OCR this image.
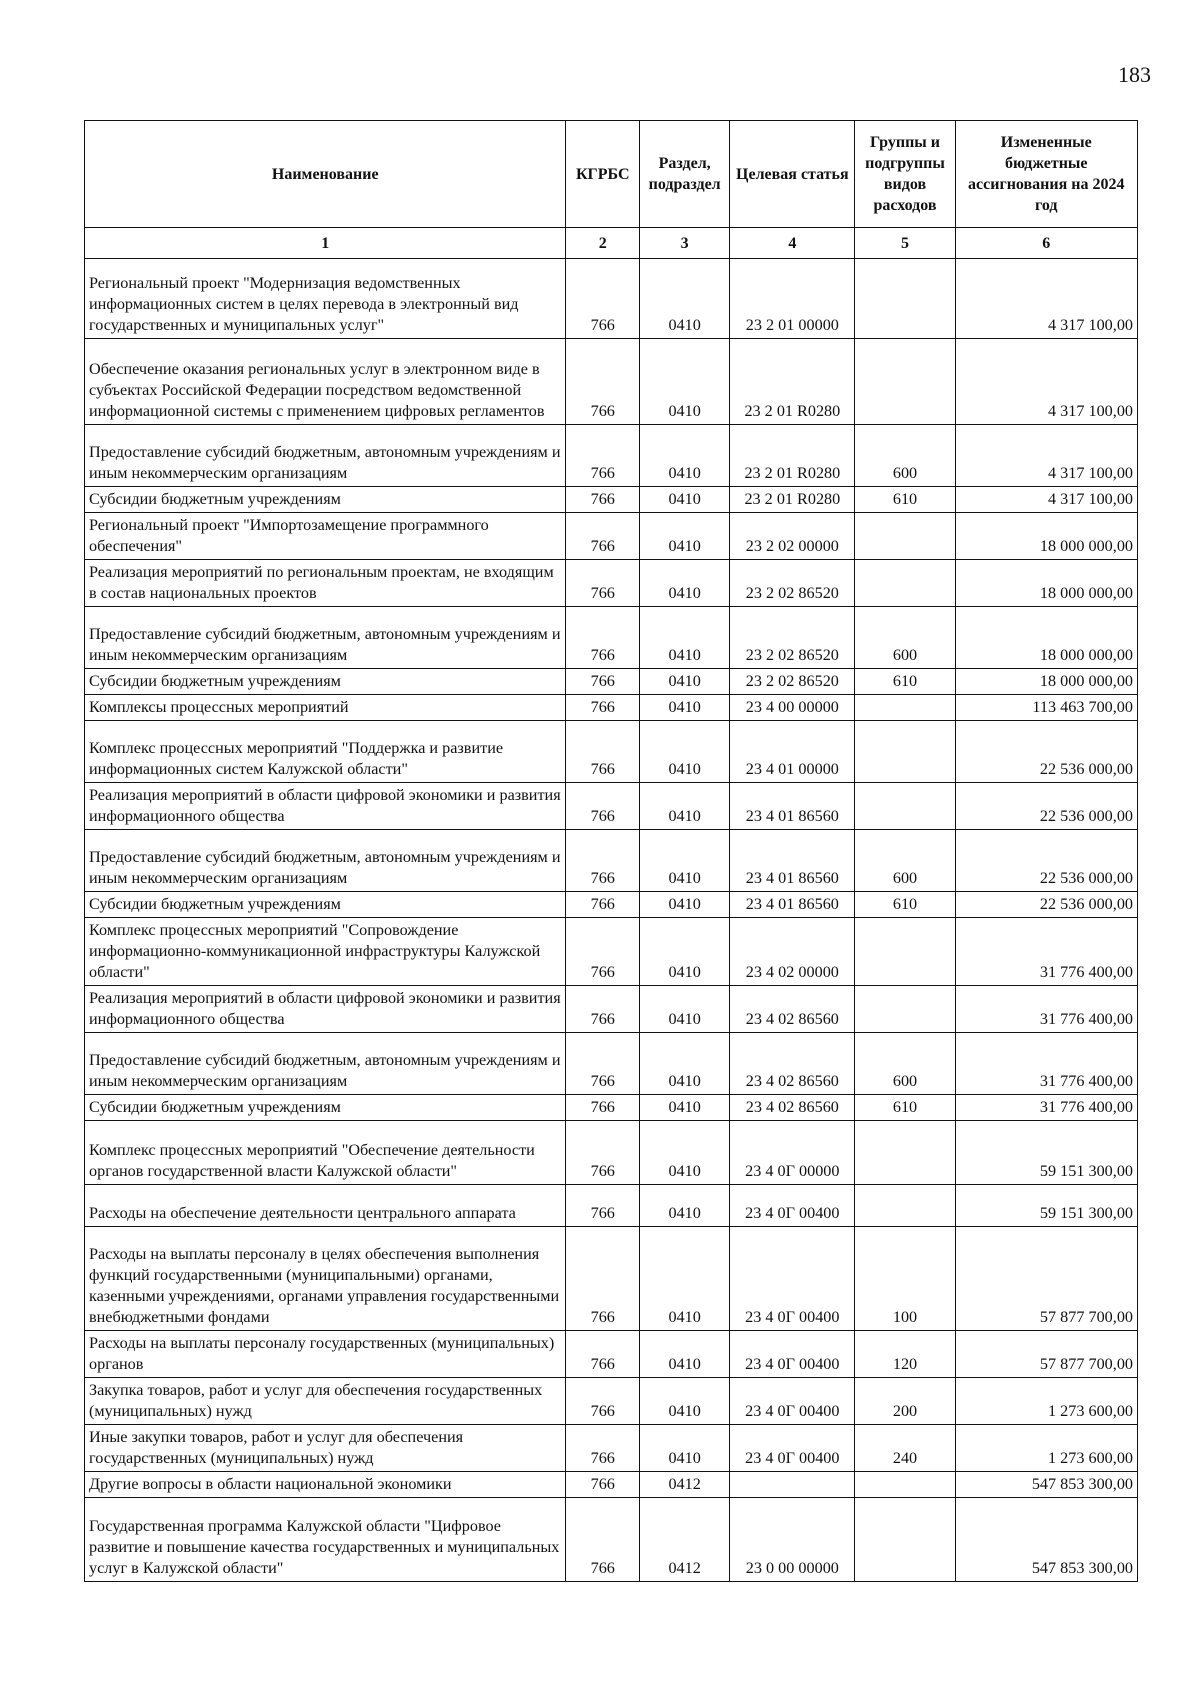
183
Наименование	КГРБС	Раздел, подраздел	Целевая статья	Группы и подгруппы видов расходов	Измененные бюджетные ассигнования на 2024 год
1	2	3	4	5	6
Региональный проект "Модернизация ведомственных информационных систем в целях перевода в электронный вид государственных и муниципальных услуг"	766	0410	23 2 01 00000		4 317 100,00
Обеспечение оказания региональных услуг в электронном виде в субъектах Российской Федерации посредством ведомственной информационной системы с применением цифровых регламентов	766	0410	23 2 01 R0280		4 317 100,00
Предоставление субсидий бюджетным, автономным учреждениям и иным некоммерческим организациям	766	0410	23 2 01 R0280	600	4 317 100,00
Субсидии бюджетным учреждениям	766	0410	23 2 01 R0280	610	4 317 100,00
Региональный проект "Импортозамещение программного обеспечения"	766	0410	23 2 02 00000		18 000 000,00
Реализация мероприятий по региональным проектам, не входящим в состав национальных проектов	766	0410	23 2 02 86520		18 000 000,00
Предоставление субсидий бюджетным, автономным учреждениям и иным некоммерческим организациям	766	0410	23 2 02 86520	600	18 000 000,00
Субсидии бюджетным учреждениям	766	0410	23 2 02 86520	610	18 000 000,00
Комплексы процессных мероприятий	766	0410	23 4 00 00000		113 463 700,00
Комплекс процессных мероприятий "Поддержка и развитие информационных систем Калужской области"	766	0410	23 4 01 00000		22 536 000,00
Реализация мероприятий в области цифровой экономики и развития информационного общества	766	0410	23 4 01 86560		22 536 000,00
Предоставление субсидий бюджетным, автономным учреждениям и иным некоммерческим организациям	766	0410	23 4 01 86560	600	22 536 000,00
Субсидии бюджетным учреждениям	766	0410	23 4 01 86560	610	22 536 000,00
Комплекс процессных мероприятий "Сопровождение информационно-коммуникационной инфраструктуры Калужской области"	766	0410	23 4 02 00000		31 776 400,00
Реализация мероприятий в области цифровой экономики и развития информационного общества	766	0410	23 4 02 86560		31 776 400,00
Предоставление субсидий бюджетным, автономным учреждениям и иным некоммерческим организациям	766	0410	23 4 02 86560	600	31 776 400,00
Субсидии бюджетным учреждениям	766	0410	23 4 02 86560	610	31 776 400,00
Комплекс процессных мероприятий "Обеспечение деятельности органов государственной власти Калужской области"	766	0410	23 4 0Г 00000		59 151 300,00
Расходы на обеспечение деятельности центрального аппарата	766	0410	23 4 0Г 00400		59 151 300,00
Расходы на выплаты персоналу в целях обеспечения выполнения функций государственными (муниципальными) органами, казенными учреждениями, органами управления государственными внебюджетными фондами	766	0410	23 4 0Г 00400	100	57 877 700,00
Расходы на выплаты персоналу государственных (муниципальных) органов	766	0410	23 4 0Г 00400	120	57 877 700,00
Закупка товаров, работ и услуг для обеспечения государственных (муниципальных) нужд	766	0410	23 4 0Г 00400	200	1 273 600,00
Иные закупки товаров, работ и услуг для обеспечения государственных (муниципальных) нужд	766	0410	23 4 0Г 00400	240	1 273 600,00
Другие вопросы в области национальной экономики	766	0412			547 853 300,00
Государственная программа Калужской области "Цифровое развитие и повышение качества государственных и муниципальных услуг в Калужской области"	766	0412	23 0 00 00000		547 853 300,00
